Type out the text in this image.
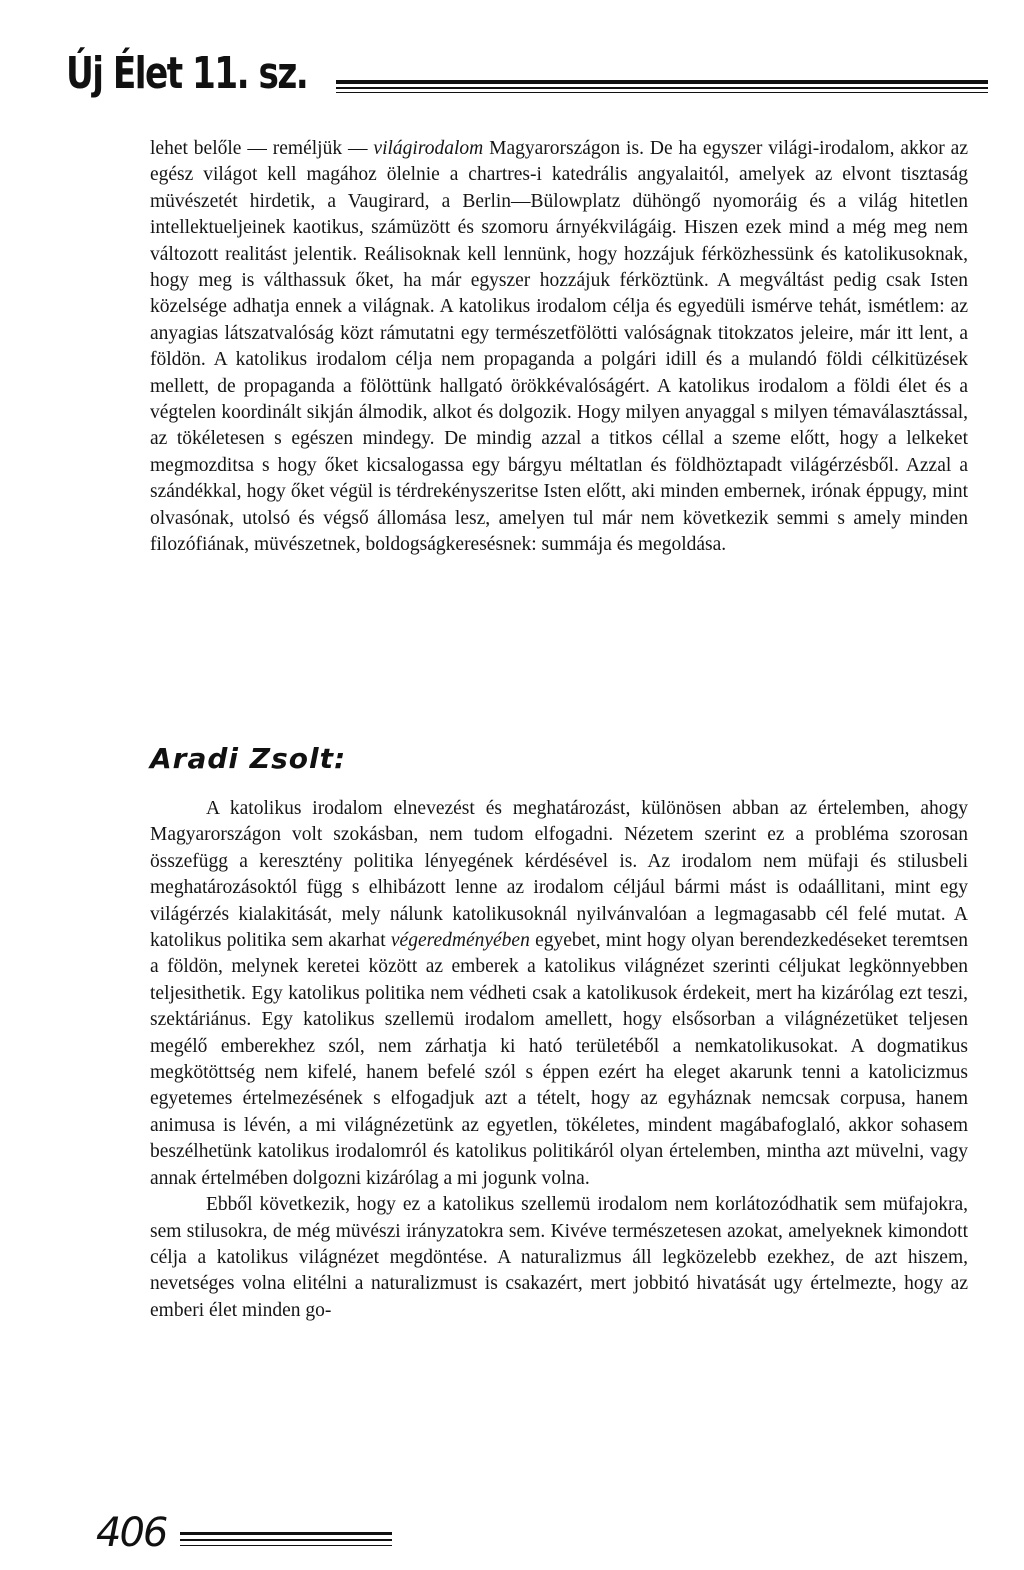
Új Élet 11. sz.

lehet belőle — reméljük — világirodalom Magyarországon is. De ha egyszer világi-irodalom, akkor az egész világot kell magához ölelnie a chartres-i katedrális angyalaitól, amelyek az elvont tisztaság müvészetét hirdetik, a Vaugirard, a Berlin—Bülowplatz dühöngő nyomoráig és a világ hitetlen intellektueljeinek kaotikus, számüzött és szomoru árnyékvilágáig. Hiszen ezek mind a még meg nem változott realitást jelentik. Reálisoknak kell lennünk, hogy hozzájuk férközhessünk és katolikusoknak, hogy meg is válthassuk őket, ha már egyszer hozzájuk férköztünk. A megváltást pedig csak Isten közelsége adhatja ennek a világnak. A katolikus irodalom célja és egyedüli ismérve tehát, ismétlem: az anyagias látszatvalóság közt rámutatni egy természetfölötti valóságnak titokzatos jeleire, már itt lent, a földön. A katolikus irodalom célja nem propaganda a polgári idill és a mulandó földi célkitüzések mellett, de propaganda a fölöttünk hallgató örökkévalóságért. A katolikus irodalom a földi élet és a végtelen koordinált sikján álmodik, alkot és dolgozik. Hogy milyen anyaggal s milyen témaválasztással, az tökéletesen s egészen mindegy. De mindig azzal a titkos céllal a szeme előtt, hogy a lelkeket megmozditsa s hogy őket kicsalogassa egy bárgyu méltatlan és földhöztapadt világérzésből. Azzal a szándékkal, hogy őket végül is térdrekényszeritse Isten előtt, aki minden embernek, irónak éppugy, mint olvasónak, utolsó és végső állomása lesz, amelyen tul már nem következik semmi s amely minden filozófiának, müvészetnek, boldogságkeresésnek: summája és megoldása.

Aradi Zsolt:

A katolikus irodalom elnevezést és meghatározást, különösen abban az értelemben, ahogy Magyarországon volt szokásban, nem tudom elfogadni. Nézetem szerint ez a probléma szorosan összefügg a keresztény politika lényegének kérdésével is. Az irodalom nem müfaji és stilusbeli meghatározásoktól függ s elhibázott lenne az irodalom céljául bármi mást is odaállitani, mint egy világérzés kialakitását, mely nálunk katolikusoknál nyilvánvalóan a legmagasabb cél felé mutat. A katolikus politika sem akarhat végeredményében egyebet, mint hogy olyan berendezkedéseket teremtsen a földön, melynek keretei között az emberek a katolikus világnézet szerinti céljukat legkönnyebben teljesithetik. Egy katolikus politika nem védheti csak a katolikusok érdekeit, mert ha kizárólag ezt teszi, szektáriánus. Egy katolikus szellemü irodalom amellett, hogy elsősorban a világnézetüket teljesen megélő emberekhez szól, nem zárhatja ki ható területéből a nemkatolikusokat. A dogmatikus megkötöttség nem kifelé, hanem befelé szól s éppen ezért ha eleget akarunk tenni a katolicizmus egyetemes értelmezésének s elfogadjuk azt a tételt, hogy az egyháznak nemcsak corpusa, hanem animusa is lévén, a mi világnézetünk az egyetlen, tökéletes, mindent magábafoglaló, akkor sohasem beszélhetünk katolikus irodalomról és katolikus politikáról olyan értelemben, mintha azt müvelni, vagy annak értelmében dolgozni kizárólag a mi jogunk volna.

Ebből következik, hogy ez a katolikus szellemü irodalom nem korlátozódhatik sem müfajokra, sem stilusokra, de még müvészi irányzatokra sem. Kivéve természetesen azokat, amelyeknek kimondott célja a katolikus világnézet megdöntése. A naturalizmus áll legközelebb ezekhez, de azt hiszem, nevetséges volna elitélni a naturalizmust is csakazért, mert jobbitó hivatását ugy értelmezte, hogy az emberi élet minden go-

406
